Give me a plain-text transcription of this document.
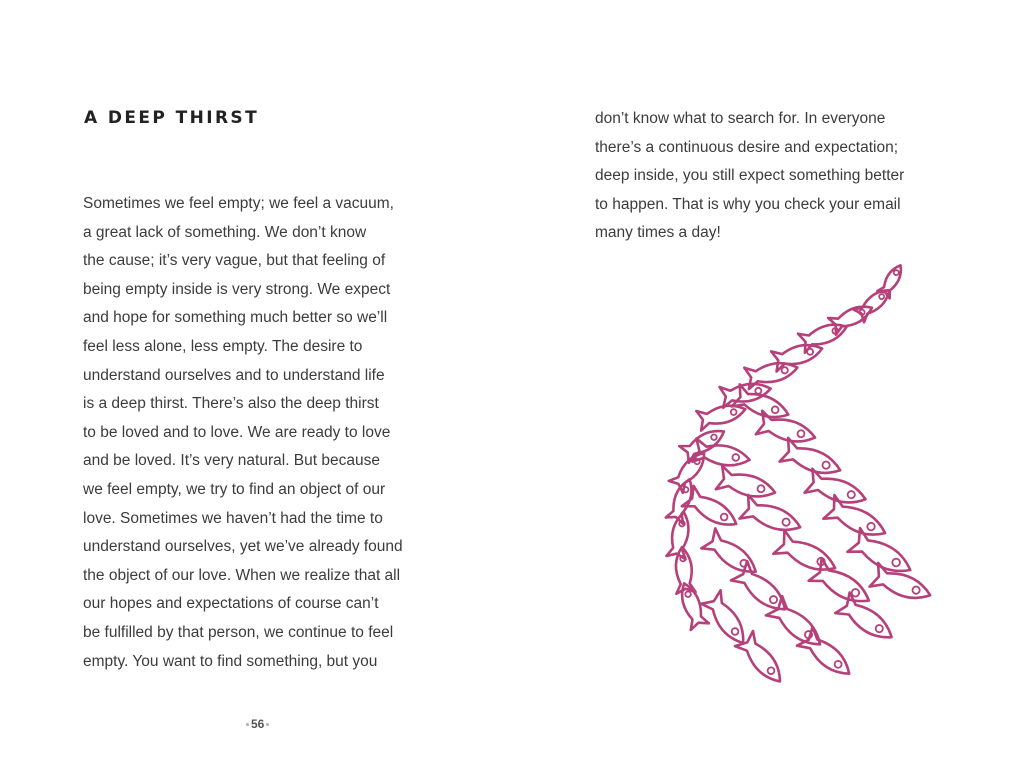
A DEEP THIRST
Sometimes we feel empty; we feel a vacuum,
a great lack of something. We don’t know
the cause; it’s very vague, but that feeling of
being empty inside is very strong. We expect
and hope for something much better so we’ll
feel less alone, less empty. The desire to
understand ourselves and to understand life
is a deep thirst. There’s also the deep thirst
to be loved and to love. We are ready to love
and be loved. It’s very natural. But because
we feel empty, we try to find an object of our
love. Sometimes we haven’t had the time to
understand ourselves, yet we’ve already found
the object of our love. When we realize that all
our hopes and expectations of course can’t
be fulfilled by that person, we continue to feel
empty. You want to find something, but you
56
don’t know what to search for. In everyone
there’s a continuous desire and expectation;
deep inside, you still expect something better
to happen. That is why you check your email
many times a day!
